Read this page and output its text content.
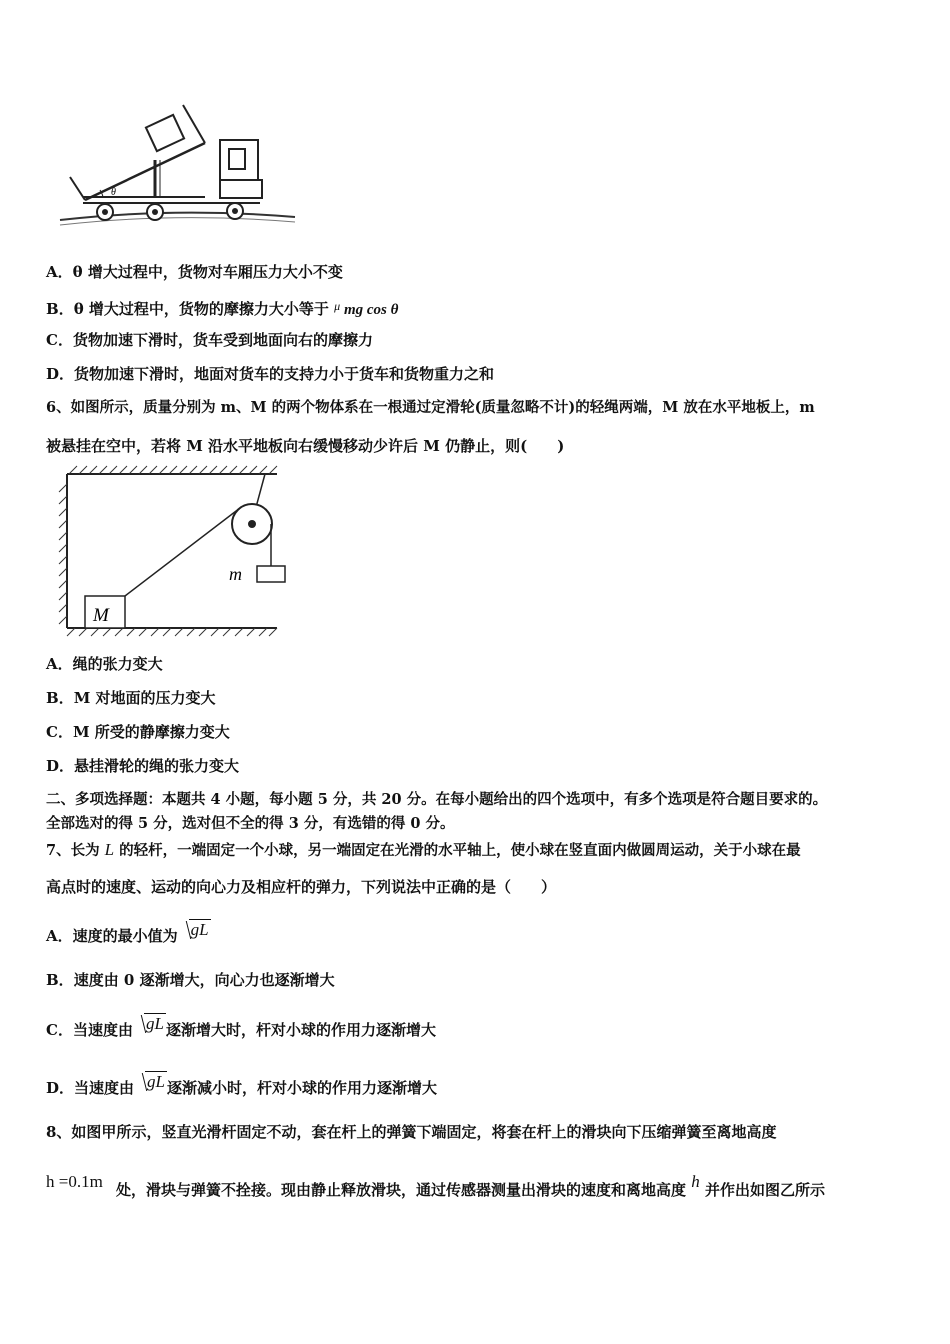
θ
A．θ 增大过程中，货物对车厢压力大小不变
B．θ 增大过程中，货物的摩擦力大小等于 $^\mu$ mg cos θ
C．货物加速下滑时，货车受到地面向右的摩擦力
D．货物加速下滑时，地面对货车的支持力小于货车和货物重力之和
6、如图所示，质量分别为 m、M 的两个物体系在一根通过定滑轮(质量忽略不计)的轻绳两端，M 放在水平地板上，m
被悬挂在空中，若将 M 沿水平地板向右缓慢移动少许后 M 仍静止，则(　　)
m
M
A．绳的张力变大
B．M 对地面的压力变大
C．M 所受的静摩擦力变大
D．悬挂滑轮的绳的张力变大
二、多项选择题：本题共 4 小题，每小题 5 分，共 20 分。在每小题给出的四个选项中，有多个选项是符合题目要求的。
全部选对的得 5 分，选对但不全的得 3 分，有选错的得 0 分。
7、长为 L 的轻杆，一端固定一个小球，另一端固定在光滑的水平轴上，使小球在竖直面内做圆周运动，关于小球在最
高点时的速度、运动的向心力及相应杆的弹力，下列说法中正确的是（　　）
A．速度的最小值为 gL
B．速度由 0 逐渐增大，向心力也逐渐增大
C．当速度由 gL 逐渐增大时，杆对小球的作用力逐渐增大
D．当速度由 gL 逐渐减小时，杆对小球的作用力逐渐增大
8、如图甲所示，竖直光滑杆固定不动，套在杆上的弹簧下端固定，将套在杆上的滑块向下压缩弹簧至离地高度
h =0.1m 处，滑块与弹簧不拴接。现由静止释放滑块，通过传感器测量出滑块的速度和离地高度 h 并作出如图乙所示
